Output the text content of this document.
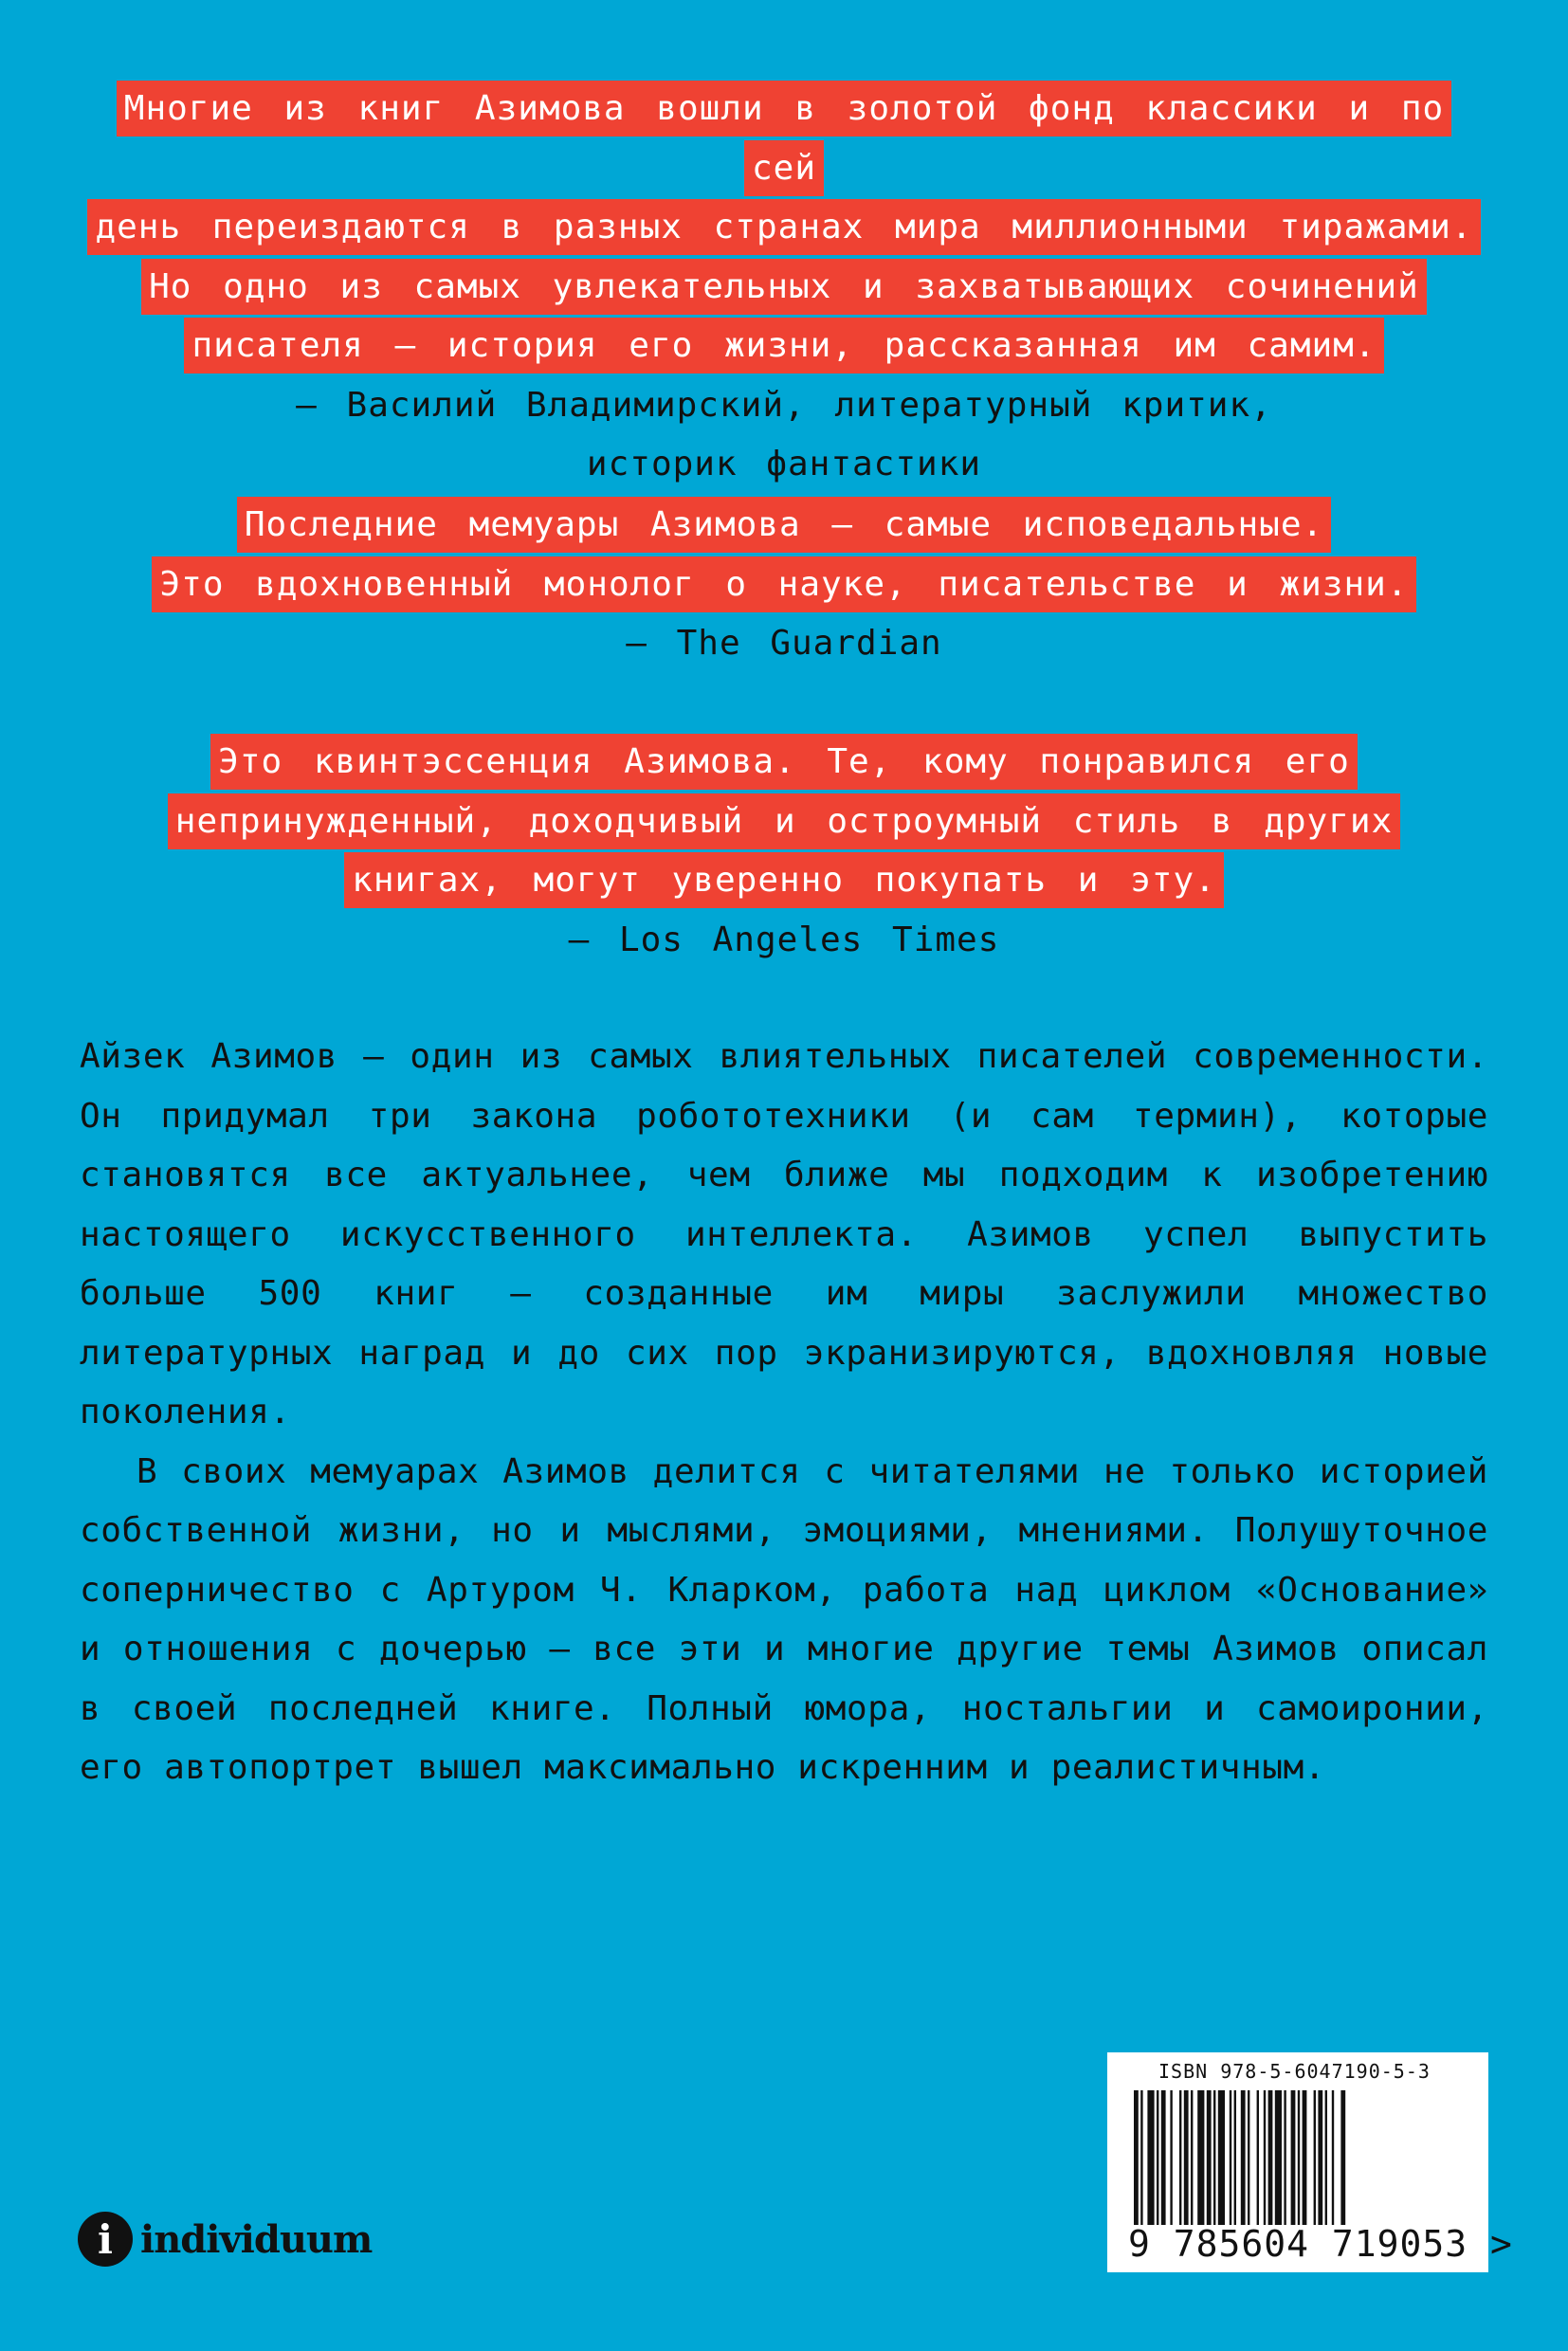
Многие из книг Азимова вошли в золотой фонд классики и по сей
день переиздаются в разных странах мира миллионными тиражами.
Но одно из самых увлекательных и захватывающих сочинений
писателя — история его жизни, рассказанная им самим.
— Василий Владимирский, литературный критик,
историк фантастики
Последние мемуары Азимова — самые исповедальные.
Это вдохновенный монолог о науке, писательстве и жизни.
— The Guardian
Это квинтэссенция Азимова. Те, кому понравился его
непринужденный, доходчивый и остроумный стиль в других
книгах, могут уверенно покупать и эту.
— Los Angeles Times

Айзек Азимов — один из самых влиятельных писателей современности. Он придумал три закона робототехники (и сам термин), которые становятся все актуальнее, чем ближе мы подходим к изобретению настоящего искусственного интеллекта. Азимов успел выпустить больше 500 книг — созданные им миры заслужили множество литературных наград и до сих пор экранизируются, вдохновляя новые поколения.

В своих мемуарах Азимов делится с читателями не только историей собственной жизни, но и мыслями, эмоциями, мнениями. Полушуточное соперничество с Артуром Ч. Кларком, работа над циклом «Основание» и отношения с дочерью — все эти и многие другие темы Азимов описал в своей последней книге. Полный юмора, ностальгии и самоиронии, его автопортрет вышел максимально искренним и реалистичным.

i individuum
ISBN 978-5-6047190-5-3
9 785604 719053 >
